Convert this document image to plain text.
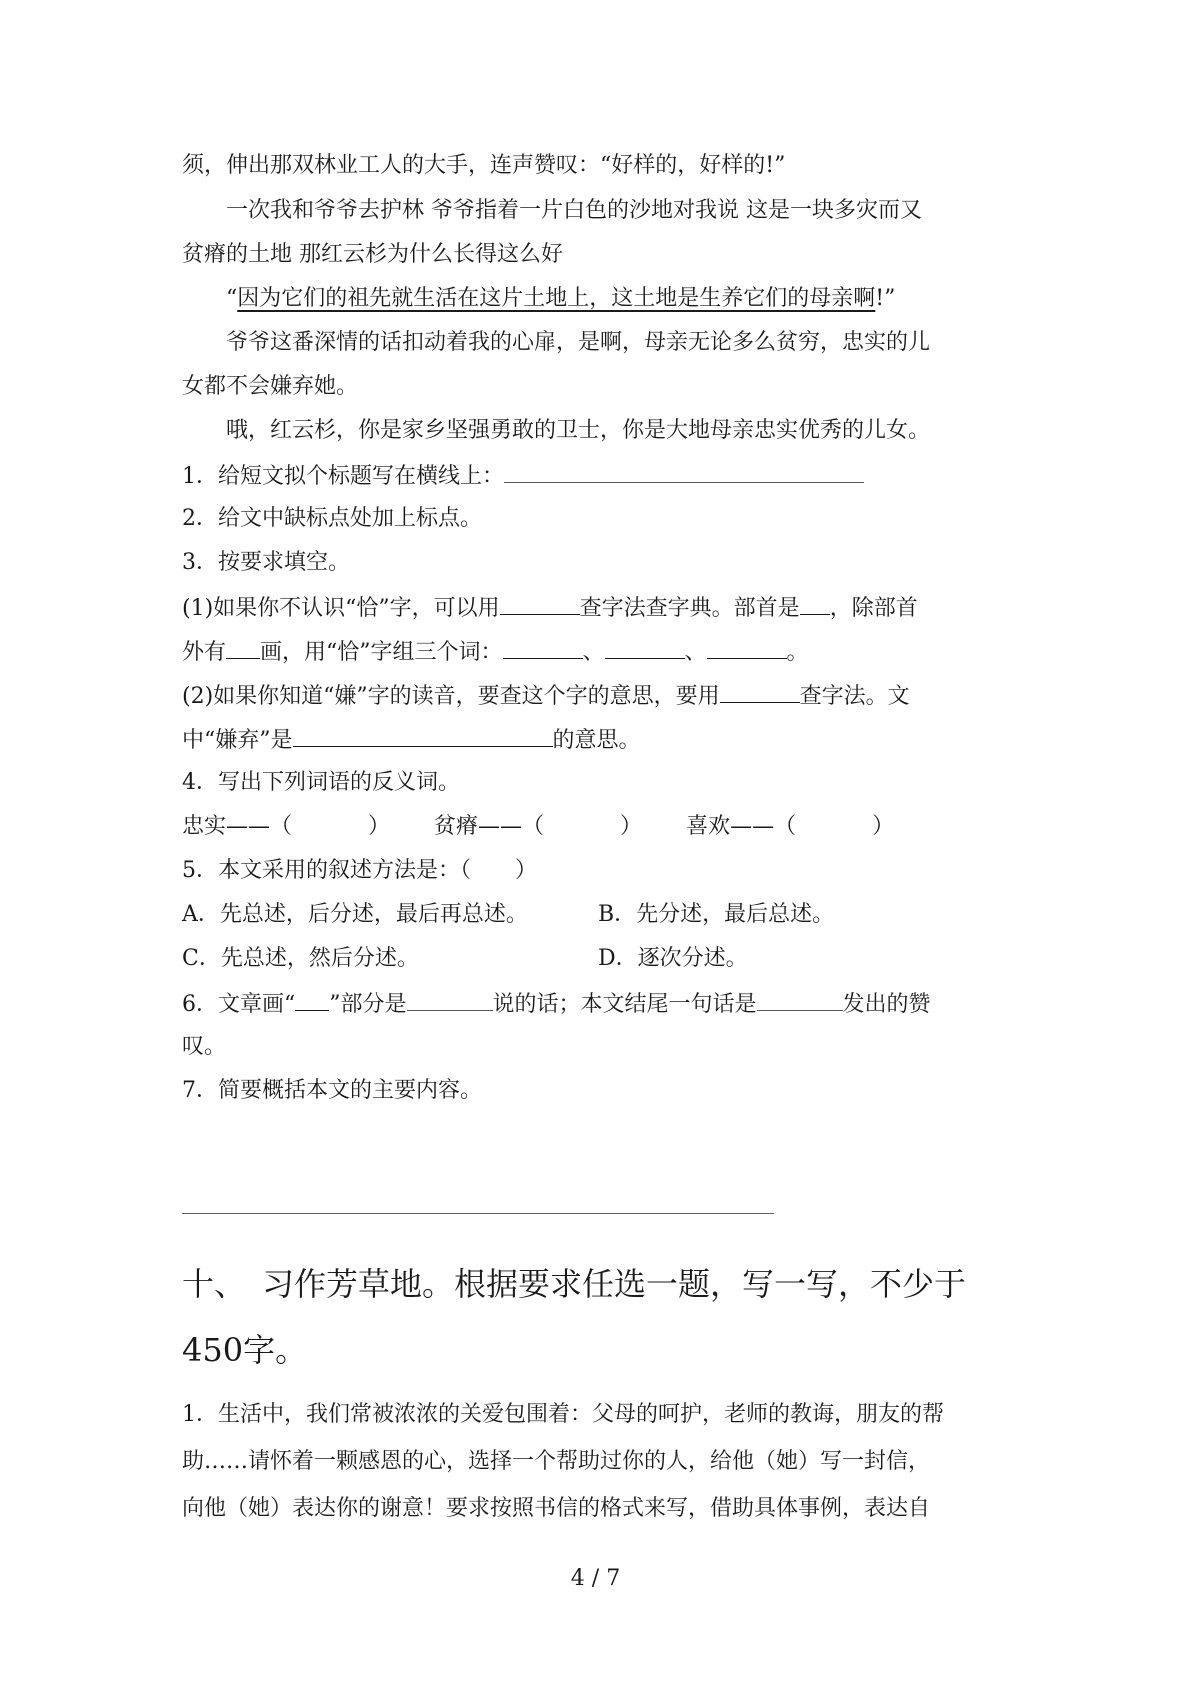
须，伸出那双林业工人的大手，连声赞叹：“好样的，好样的!”
一次我和爷爷去护林 爷爷指着一片白色的沙地对我说 这是一块多灾而又
贫瘠的土地 那红云杉为什么长得这么好
“因为它们的祖先就生活在这片土地上，这土地是生养它们的母亲啊!”
爷爷这番深情的话扣动着我的心扉，是啊，母亲无论多么贫穷，忠实的儿
女都不会嫌弃她。
哦，红云杉，你是家乡坚强勇敢的卫士，你是大地母亲忠实优秀的儿女。
1．给短文拟个标题写在横线上：
2．给文中缺标点处加上标点。
3．按要求填空。
(1)如果你不认识“恰”字，可以用	查字法查字典。部首是 ，除部首
外有 画，用“恰”字组三个词：	、	、	。
(2)如果你知道“嫌”字的读音，要查这个字的意思，要用	查字法。文
中“嫌弃”是	的意思。
4．写出下列词语的反义词。
忠实——（	） 贫瘠——（	） 喜欢——（	）
5．本文采用的叙述方法是：（　　）
A．先总述，后分述，最后再总述。	B．先分述，最后总述。
C．先总述，然后分述。	D．逐次分述。
6．文章画“ ”部分是	说的话；本文结尾一句话是	发出的赞
叹。
7．简要概括本文的主要内容。
十、　习作芳草地。根据要求任选一题，写一写，不少于
450字。
1．生活中，我们常被浓浓的关爱包围着：父母的呵护，老师的教诲，朋友的帮
助……请怀着一颗感恩的心，选择一个帮助过你的人，给他（她）写一封信，
向他（她）表达你的谢意！要求按照书信的格式来写，借助具体事例，表达自
4 / 7
